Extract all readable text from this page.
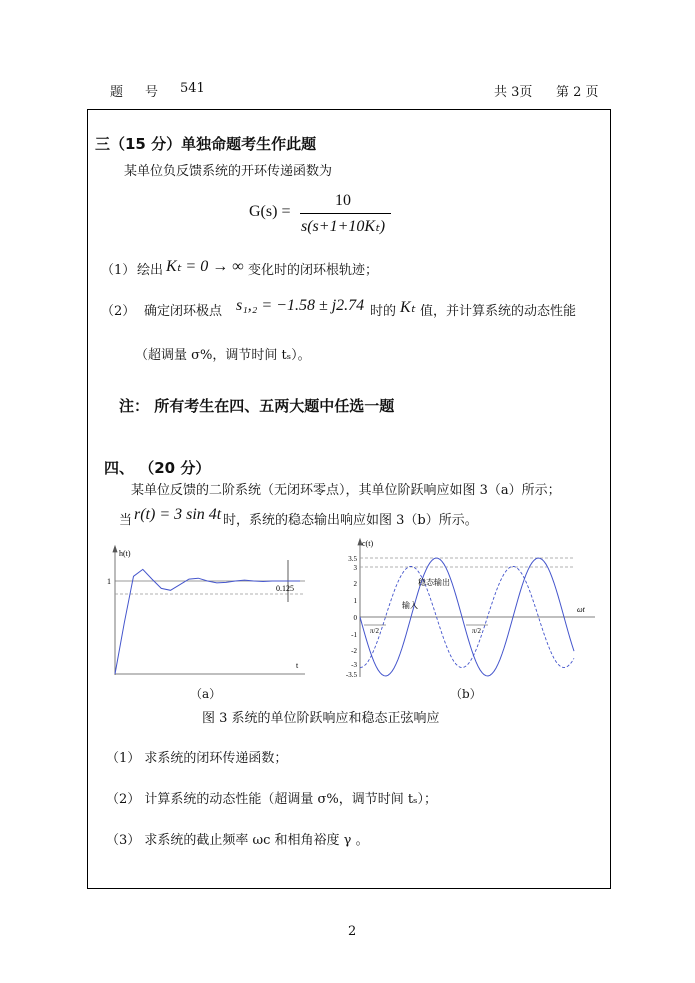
题 号 541	共 3页 第 2 页
三（15 分）单独命题考生作此题
某单位负反馈系统的开环传递函数为
G(s) =
10
s(s+1+10Kₜ)
（1） 绘出 Kₜ = 0 → ∞ 变化时的闭环根轨迹；
（2） 确定闭环极点 s₁,₂ = −1.58 ± j2.74 时的 Kₜ 值，并计算系统的动态性能
（超调量 σ%，调节时间 tₛ）。
注： 所有考生在四、五两大题中任选一题
四、 （20 分）
某单位反馈的二阶系统（无闭环零点），其单位阶跃响应如图 3（a）所示；
当 r(t) = 3 sin 4t 时，系统的稳态输出响应如图 3（b）所示。
h(t)
1
0.125
t
c(t)
3.5
3
2
1
0
-1
-2
-3
-3.5
稳态输出
输入	ωt
π/2	π/2
（a）	（b）
图 3 系统的单位阶跃响应和稳态正弦响应
（1） 求系统的闭环传递函数；
（2） 计算系统的动态性能（超调量 σ%，调节时间 tₛ）；
（3） 求系统的截止频率 ωc 和相角裕度 γ 。
2
